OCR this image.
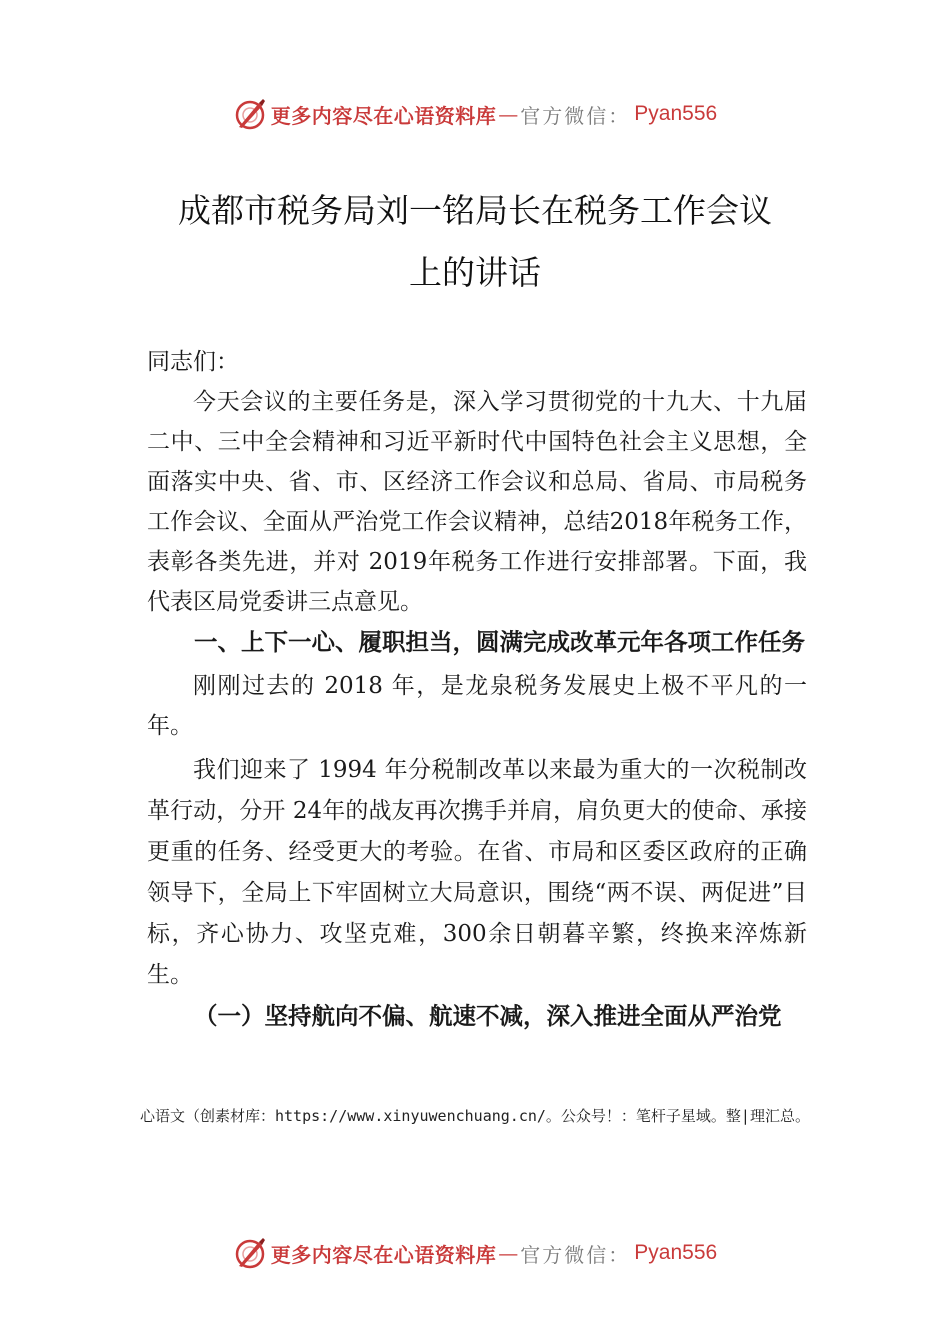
更多内容尽在心语资料库 — 官方微信： Pyan556
成都市税务局刘一铭局长在税务工作会议
上的讲话

同志们：

今天会议的主要任务是，深入学习贯彻党的十九大、十九届二中、三中全会精神和习近平新时代中国特色社会主义思想，全面落实中央、省、市、区经济工作会议和总局、省局、市局税务工作会议、全面从严治党工作会议精神，总结2018年税务工作，表彰各类先进，并对 2019年税务工作进行安排部署。下面，我代表区局党委讲三点意见。

一、上下一心、履职担当，圆满完成改革元年各项工作任务

刚刚过去的 2018 年，是龙泉税务发展史上极不平凡的一年。

我们迎来了 1994 年分税制改革以来最为重大的一次税制改革行动，分开 24年的战友再次携手并肩，肩负更大的使命、承接更重的任务、经受更大的考验。在省、市局和区委区政府的正确领导下，全局上下牢固树立大局意识，围绕“两不误、两促进”目标，齐心协力、攻坚克难，300余日朝暮辛繁，终换来淬炼新生。

（一）坚持航向不偏、航速不减，深入推进全面从严治党

心语文（创素材库：https://www.xinyuwenchuang.cn/。公众号！：笔杆子星域。整|理汇总。
更多内容尽在心语资料库 — 官方微信： Pyan556
